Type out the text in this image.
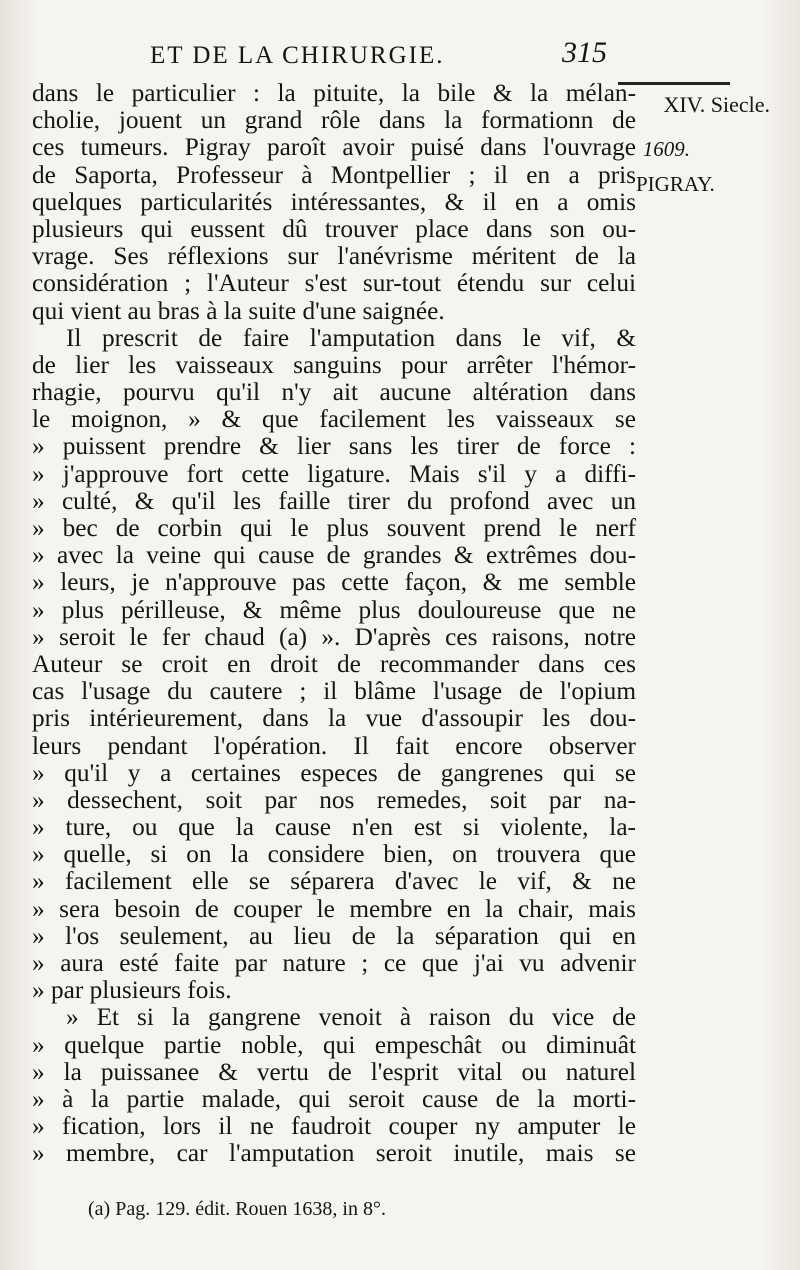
ET DE LA CHIRURGIE.	315
XIV. Siecle.
1609.
PIGRAY.
dans le particulier : la pituite, la bile & la mélan-
cholie, jouent un grand rôle dans la formationn de
ces tumeurs. Pigray paroît avoir puisé dans l'ouvrage
de Saporta, Professeur à Montpellier ; il en a pris
quelques particularités intéressantes, & il en a omis
plusieurs qui eussent dû trouver place dans son ou-
vrage. Ses réflexions sur l'anévrisme méritent de la
considération ; l'Auteur s'est sur-tout étendu sur celui
qui vient au bras à la suite d'une saignée.
Il prescrit de faire l'amputation dans le vif, &
de lier les vaisseaux sanguins pour arrêter l'hémor-
rhagie, pourvu qu'il n'y ait aucune altération dans
le moignon, » & que facilement les vaisseaux se
» puissent prendre & lier sans les tirer de force :
» j'approuve fort cette ligature. Mais s'il y a diffi-
» culté, & qu'il les faille tirer du profond avec un
» bec de corbin qui le plus souvent prend le nerf
» avec la veine qui cause de grandes & extrêmes dou-
» leurs, je n'approuve pas cette façon, & me semble
» plus périlleuse, & même plus douloureuse que ne
» seroit le fer chaud (a) ». D'après ces raisons, notre
Auteur se croit en droit de recommander dans ces
cas l'usage du cautere ; il blâme l'usage de l'opium
pris intérieurement, dans la vue d'assoupir les dou-
leurs pendant l'opération. Il fait encore observer
» qu'il y a certaines especes de gangrenes qui se
» dessechent, soit par nos remedes, soit par na-
» ture, ou que la cause n'en est si violente, la-
» quelle, si on la considere bien, on trouvera que
» facilement elle se séparera d'avec le vif, & ne
» sera besoin de couper le membre en la chair, mais
» l'os seulement, au lieu de la séparation qui en
» aura esté faite par nature ; ce que j'ai vu advenir
» par plusieurs fois.
» Et si la gangrene venoit à raison du vice de
» quelque partie noble, qui empeschât ou diminuât
» la puissanee & vertu de l'esprit vital ou naturel
» à la partie malade, qui seroit cause de la morti-
» fication, lors il ne faudroit couper ny amputer le
» membre, car l'amputation seroit inutile, mais se
(a) Pag. 129. édit. Rouen 1638, in 8°.
